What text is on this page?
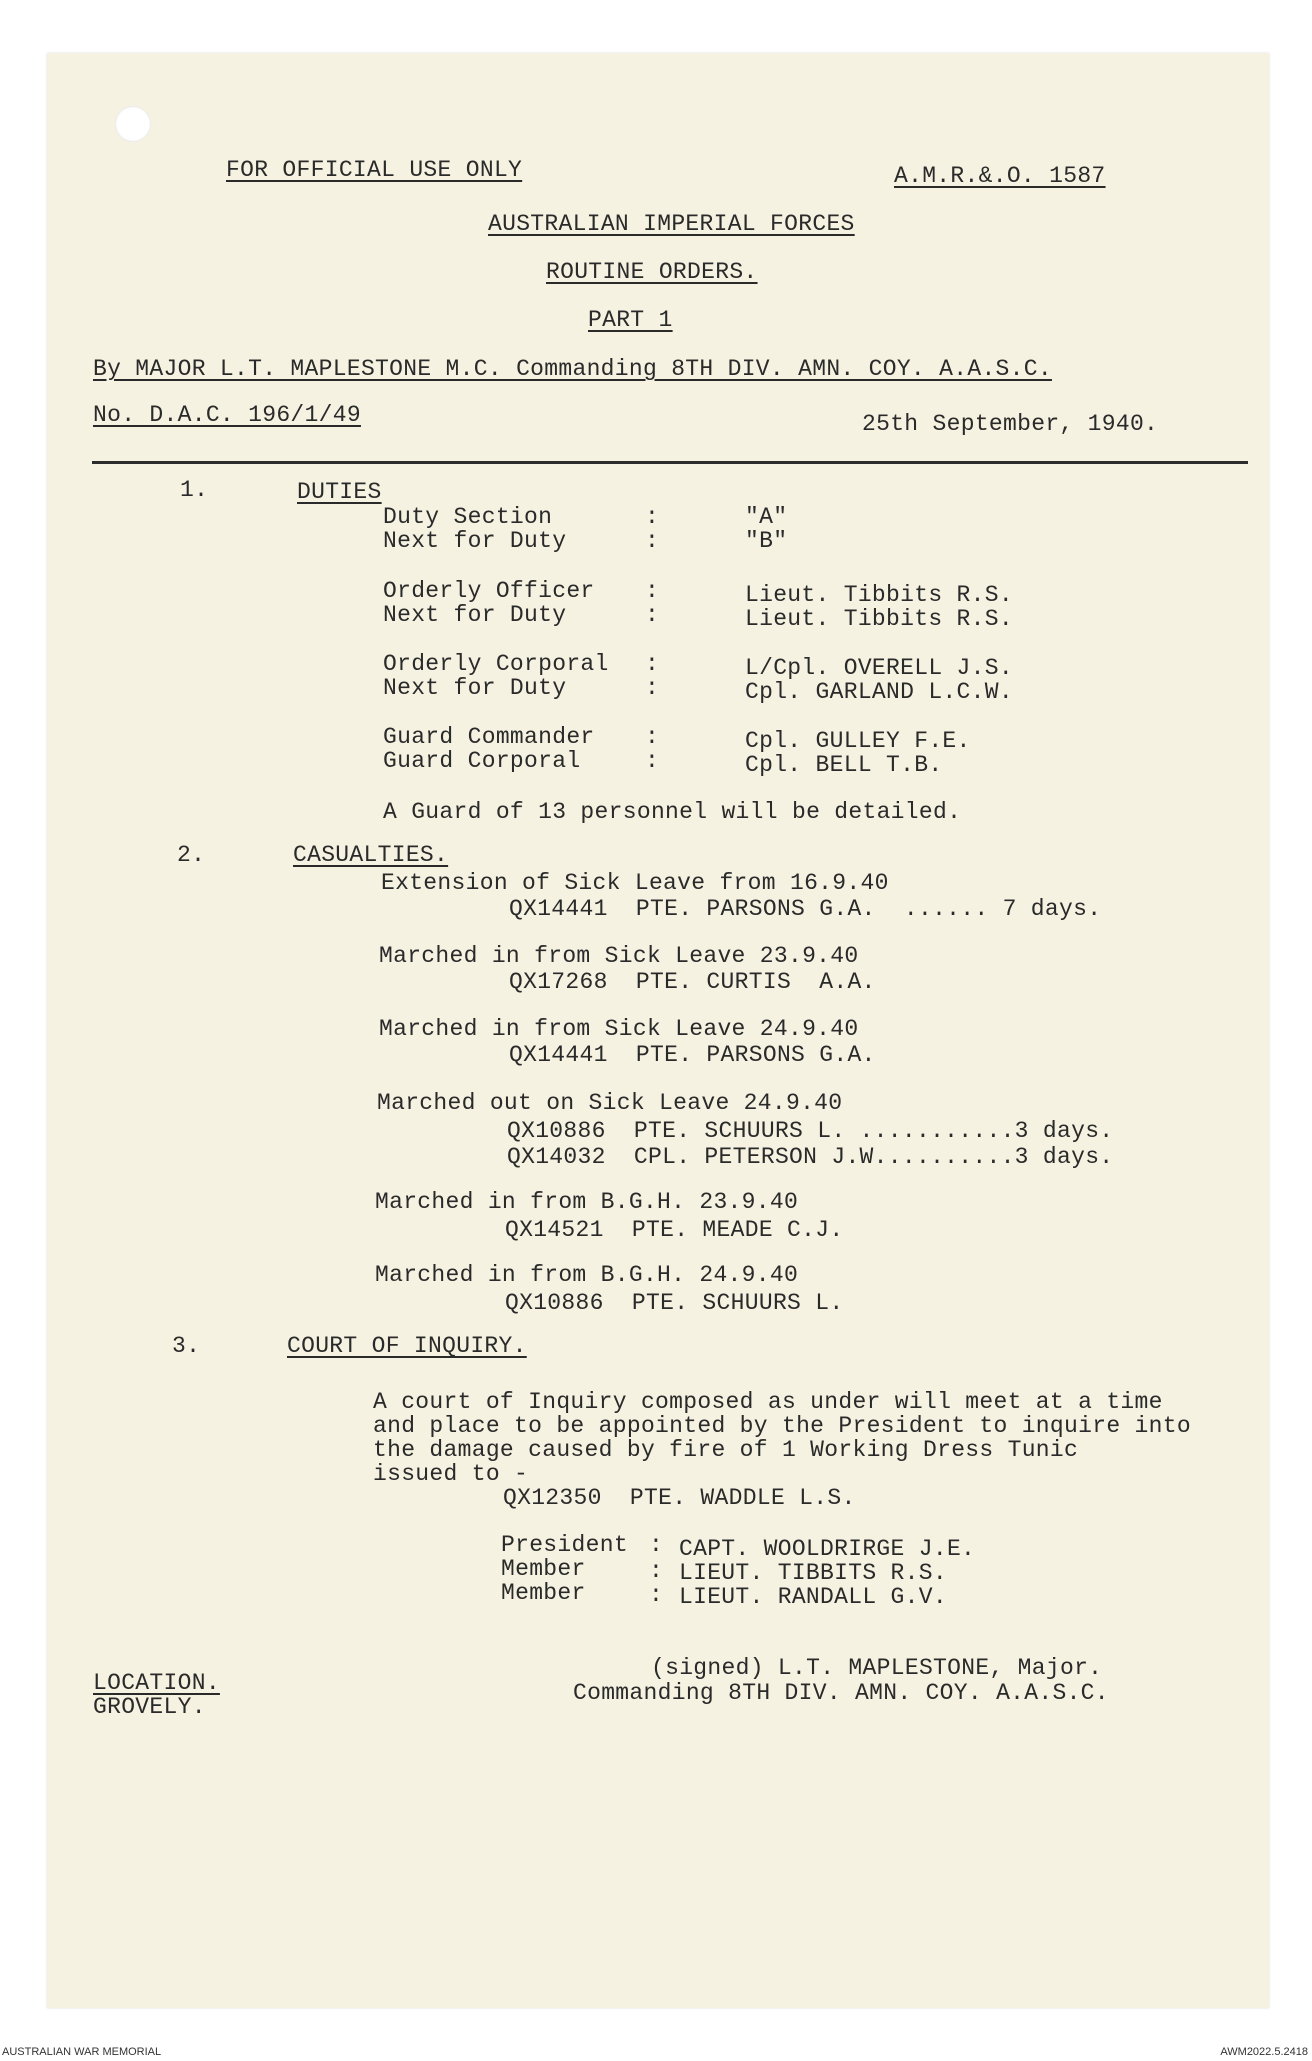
FOR OFFICIAL USE ONLY	A.M.R.&.O. 1587
AUSTRALIAN IMPERIAL FORCES
ROUTINE ORDERS.
PART 1
By MAJOR L.T. MAPLESTONE M.C. Commanding 8TH DIV. AMN. COY. A.A.S.C.
No. D.A.C. 196/1/49	25th September, 1940.
1.	DUTIES
Duty Section	:	"A"
Next for Duty	:	"B"
Orderly Officer :	Lieut. Tibbits R.S.
Next for Duty	:	Lieut. Tibbits R.S.
Orderly Corporal :	L/Cpl. OVERELL J.S.
Next for Duty	:	Cpl. GARLAND L.C.W.
Guard Commander :	Cpl. GULLEY F.E.
Guard Corporal	:	Cpl. BELL T.B.
A Guard of 13 personnel will be detailed.
2.	CASUALTIES.
Extension of Sick Leave from 16.9.40
QX14441  PTE. PARSONS G.A.  ...... 7 days.
Marched in from Sick Leave 23.9.40
QX17268  PTE. CURTIS  A.A.
Marched in from Sick Leave 24.9.40
QX14441  PTE. PARSONS G.A.
Marched out on Sick Leave 24.9.40
QX10886  PTE. SCHUURS L. ...........3 days.
QX14032  CPL. PETERSON J.W..........3 days.
Marched in from B.G.H. 23.9.40
QX14521  PTE. MEADE C.J.
Marched in from B.G.H. 24.9.40
QX10886  PTE. SCHUURS L.
3.	COURT OF INQUIRY.
A court of Inquiry composed as under will meet at a time
and place to be appointed by the President to inquire into
the damage caused by fire of 1 Working Dress Tunic
issued to -
QX12350  PTE. WADDLE L.S.
President : CAPT. WOOLDRIRGE J.E.
Member	: LIEUT. TIBBITS R.S.
Member	: LIEUT. RANDALL G.V.
(signed) L.T. MAPLESTONE, Major.
Commanding 8TH DIV. AMN. COY. A.A.S.C.
LOCATION.
GROVELY.
AUSTRALIAN WAR MEMORIAL	AWM2022.5.2418
